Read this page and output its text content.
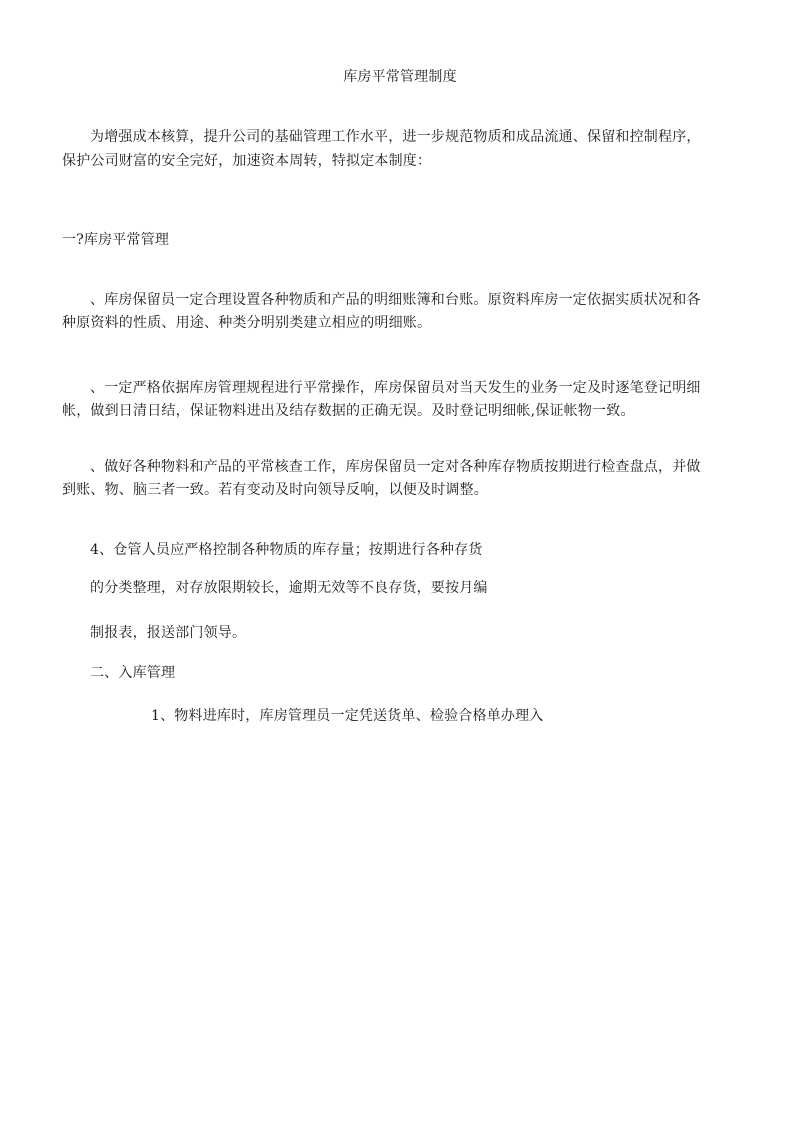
库房平常管理制度
为增强成本核算，提升公司的基础管理工作水平，进一步规范物质和成品流通、保留和控制程序，
保护公司财富的安全完好，加速资本周转，特拟定本制度：
一?库房平常管理
、库房保留员一定合理设置各种物质和产品的明细账簿和台账。原资料库房一定依据实质状况和各
种原资料的性质、用途、种类分明别类建立相应的明细账。
、一定严格依据库房管理规程进行平常操作，库房保留员对当天发生的业务一定及时逐笔登记明细
帐，做到日清日结，保证物料进出及结存数据的正确无误。及时登记明细帐,保证帐物一致。
、做好各种物料和产品的平常核查工作，库房保留员一定对各种库存物质按期进行检查盘点，并做
到账、物、脑三者一致。若有变动及时向领导反响，以便及时调整。
4、仓管人员应严格控制各种物质的库存量；按期进行各种存货
的分类整理，对存放限期较长，逾期无效等不良存货，要按月编
制报表，报送部门领导。
二、入库管理
1、物料进库时，库房管理员一定凭送货单、检验合格单办理入
